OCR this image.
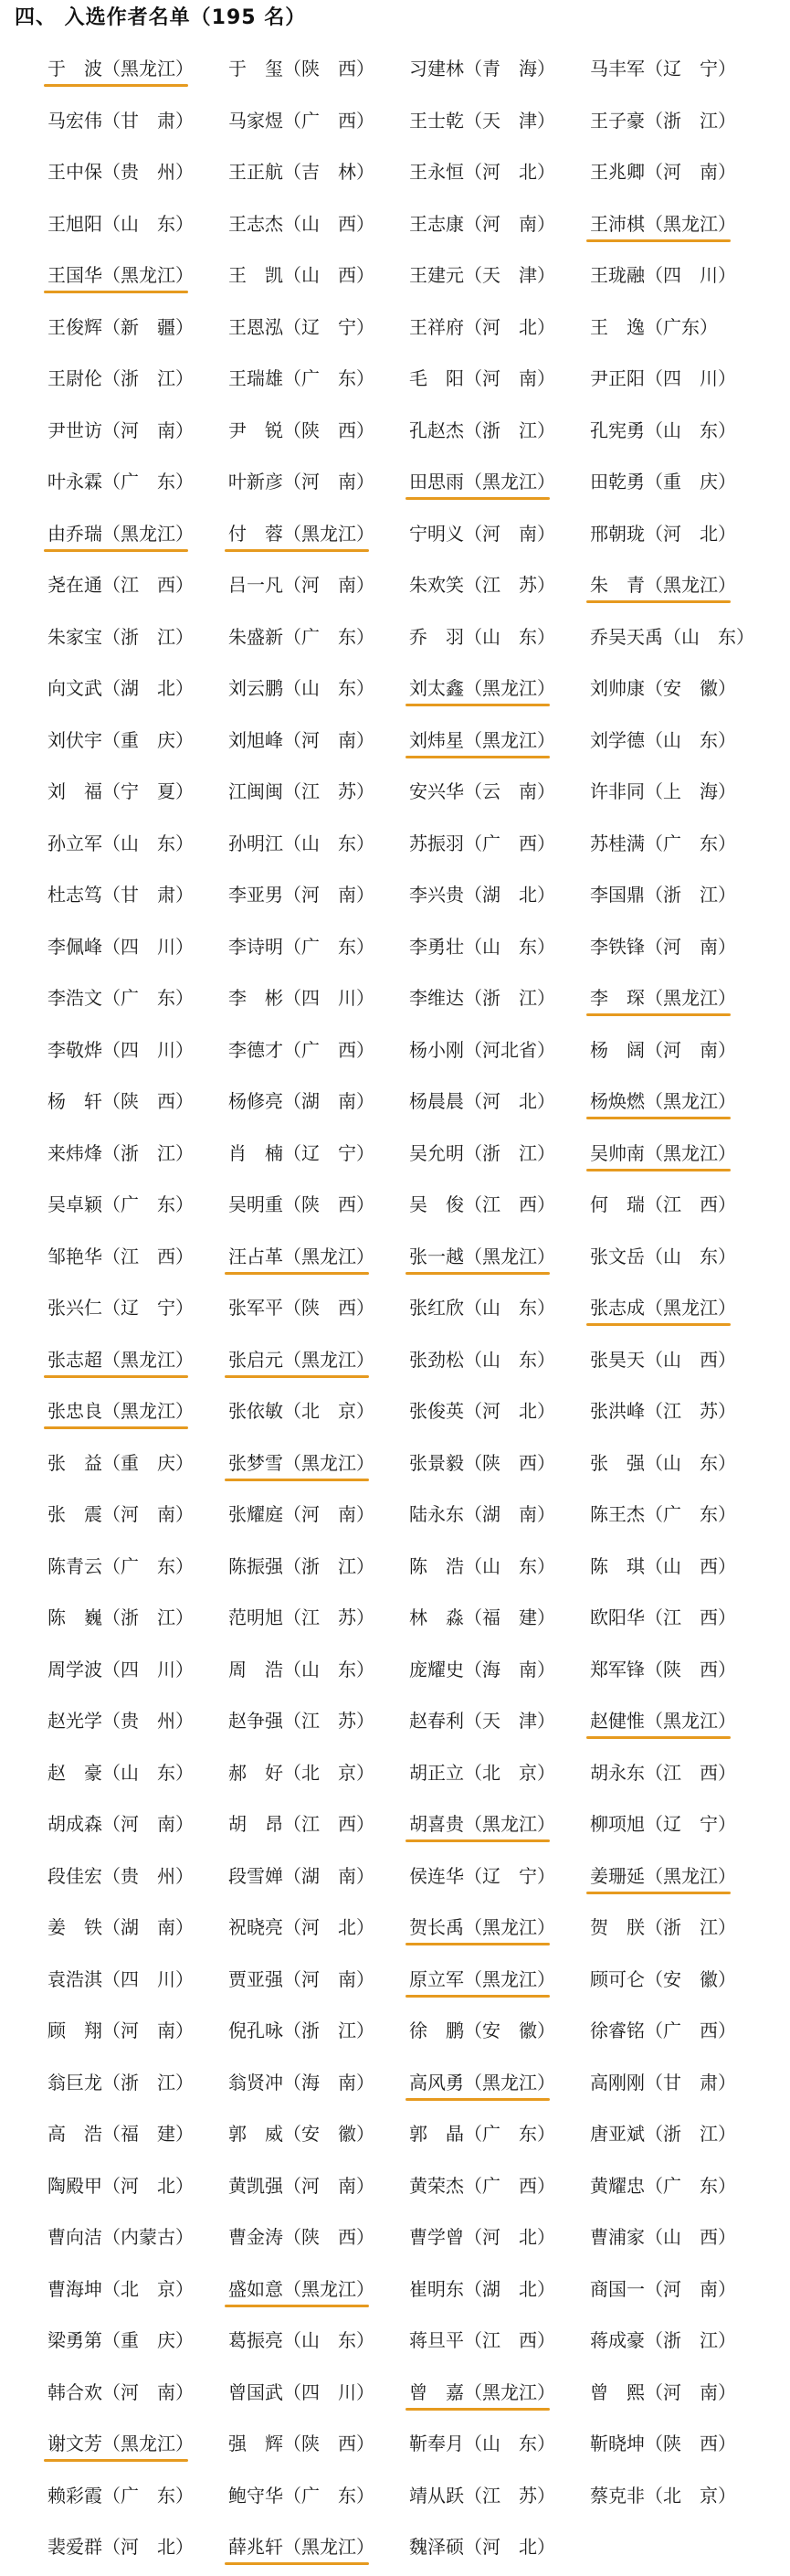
四、 入选作者名单（195 名）
于　波（黑龙江）	于　玺（陕　西）	习建林（青　海）	马丰军（辽　宁）
马宏伟（甘　肃）	马家煜（广　西）	王士乾（天　津）	王子豪（浙　江）
王中保（贵　州）	王正航（吉　林）	王永恒（河　北）	王兆卿（河　南）
王旭阳（山　东）	王志杰（山　西）	王志康（河　南）	王沛棋（黑龙江）
王国华（黑龙江）	王　凯（山　西）	王建元（天　津）	王珑融（四　川）
王俊辉（新　疆）	王恩泓（辽　宁）	王祥府（河　北）	王　逸（广东）
王尉伦（浙　江）	王瑞雄（广　东）	毛　阳（河　南）	尹正阳（四　川）
尹世访（河　南）	尹　锐（陕　西）	孔赵杰（浙　江）	孔宪勇（山　东）
叶永霖（广　东）	叶新彦（河　南）	田思雨（黑龙江）	田乾勇（重　庆）
由乔瑞（黑龙江）	付　蓉（黑龙江）	宁明义（河　南）	邢朝珑（河　北）
尧在通（江　西）	吕一凡（河　南）	朱欢笑（江　苏）	朱　青（黑龙江）
朱家宝（浙　江）	朱盛新（广　东）	乔　羽（山　东）	乔吴天禹（山　东）
向文武（湖　北）	刘云鹏（山　东）	刘太鑫（黑龙江）	刘帅康（安　徽）
刘伏宇（重　庆）	刘旭峰（河　南）	刘炜星（黑龙江）	刘学德（山　东）
刘　福（宁　夏）	江闽闽（江　苏）	安兴华（云　南）	许非同（上　海）
孙立军（山　东）	孙明江（山　东）	苏振羽（广　西）	苏桂满（广　东）
杜志笃（甘　肃）	李亚男（河　南）	李兴贵（湖　北）	李国鼎（浙　江）
李佩峰（四　川）	李诗明（广　东）	李勇壮（山　东）	李铁锋（河　南）
李浩文（广　东）	李　彬（四　川）	李维达（浙　江）	李　琛（黑龙江）
李敬烨（四　川）	李德才（广　西）	杨小刚（河北省）	杨　阔（河　南）
杨　轩（陕　西）	杨修亮（湖　南）	杨晨晨（河　北）	杨焕燃（黑龙江）
来炜烽（浙　江）	肖　楠（辽　宁）	吴允明（浙　江）	吴帅南（黑龙江）
吴卓颖（广　东）	吴明重（陕　西）	吴　俊（江　西）	何　瑞（江　西）
邹艳华（江　西）	汪占革（黑龙江）	张一越（黑龙江）	张文岳（山　东）
张兴仁（辽　宁）	张军平（陕　西）	张红欣（山　东）	张志成（黑龙江）
张志超（黑龙江）	张启元（黑龙江）	张劲松（山　东）	张昊天（山　西）
张忠良（黑龙江）	张依敏（北　京）	张俊英（河　北）	张洪峰（江　苏）
张　益（重　庆）	张梦雪（黑龙江）	张景毅（陕　西）	张　强（山　东）
张　震（河　南）	张耀庭（河　南）	陆永东（湖　南）	陈王杰（广　东）
陈青云（广　东）	陈振强（浙　江）	陈　浩（山　东）	陈　琪（山　西）
陈　巍（浙　江）	范明旭（江　苏）	林　淼（福　建）	欧阳华（江　西）
周学波（四　川）	周　浩（山　东）	庞耀史（海　南）	郑军锋（陕　西）
赵光学（贵　州）	赵争强（江　苏）	赵春利（天　津）	赵健惟（黑龙江）
赵　豪（山　东）	郝　好（北　京）	胡正立（北　京）	胡永东（江　西）
胡成森（河　南）	胡　昂（江　西）	胡喜贵（黑龙江）	柳项旭（辽　宁）
段佳宏（贵　州）	段雪婵（湖　南）	侯连华（辽　宁）	姜珊延（黑龙江）
姜　铁（湖　南）	祝晓亮（河　北）	贺长禹（黑龙江）	贺　朕（浙　江）
袁浩淇（四　川）	贾亚强（河　南）	原立军（黑龙江）	顾可仑（安　徽）
顾　翔（河　南）	倪孔咏（浙　江）	徐　鹏（安　徽）	徐睿铭（广　西）
翁巨龙（浙　江）	翁贤冲（海　南）	高风勇（黑龙江）	高刚刚（甘　肃）
高　浩（福　建）	郭　威（安　徽）	郭　晶（广　东）	唐亚斌（浙　江）
陶殿甲（河　北）	黄凯强（河　南）	黄荣杰（广　西）	黄耀忠（广　东）
曹向洁（内蒙古）	曹金涛（陕　西）	曹学曾（河　北）	曹浦家（山　西）
曹海坤（北　京）	盛如意（黑龙江）	崔明东（湖　北）	商国一（河　南）
梁勇第（重　庆）	葛振亮（山　东）	蒋旦平（江　西）	蒋成豪（浙　江）
韩合欢（河　南）	曾国武（四　川）	曾　嘉（黑龙江）	曾　熙（河　南）
谢文芳（黑龙江）	强　辉（陕　西）	靳奉月（山　东）	靳晓坤（陕　西）
赖彩霞（广　东）	鲍守华（广　东）	靖从跃（江　苏）	蔡克非（北　京）
裴爱群（河　北）	薛兆轩（黑龙江）	魏泽硕（河　北）
